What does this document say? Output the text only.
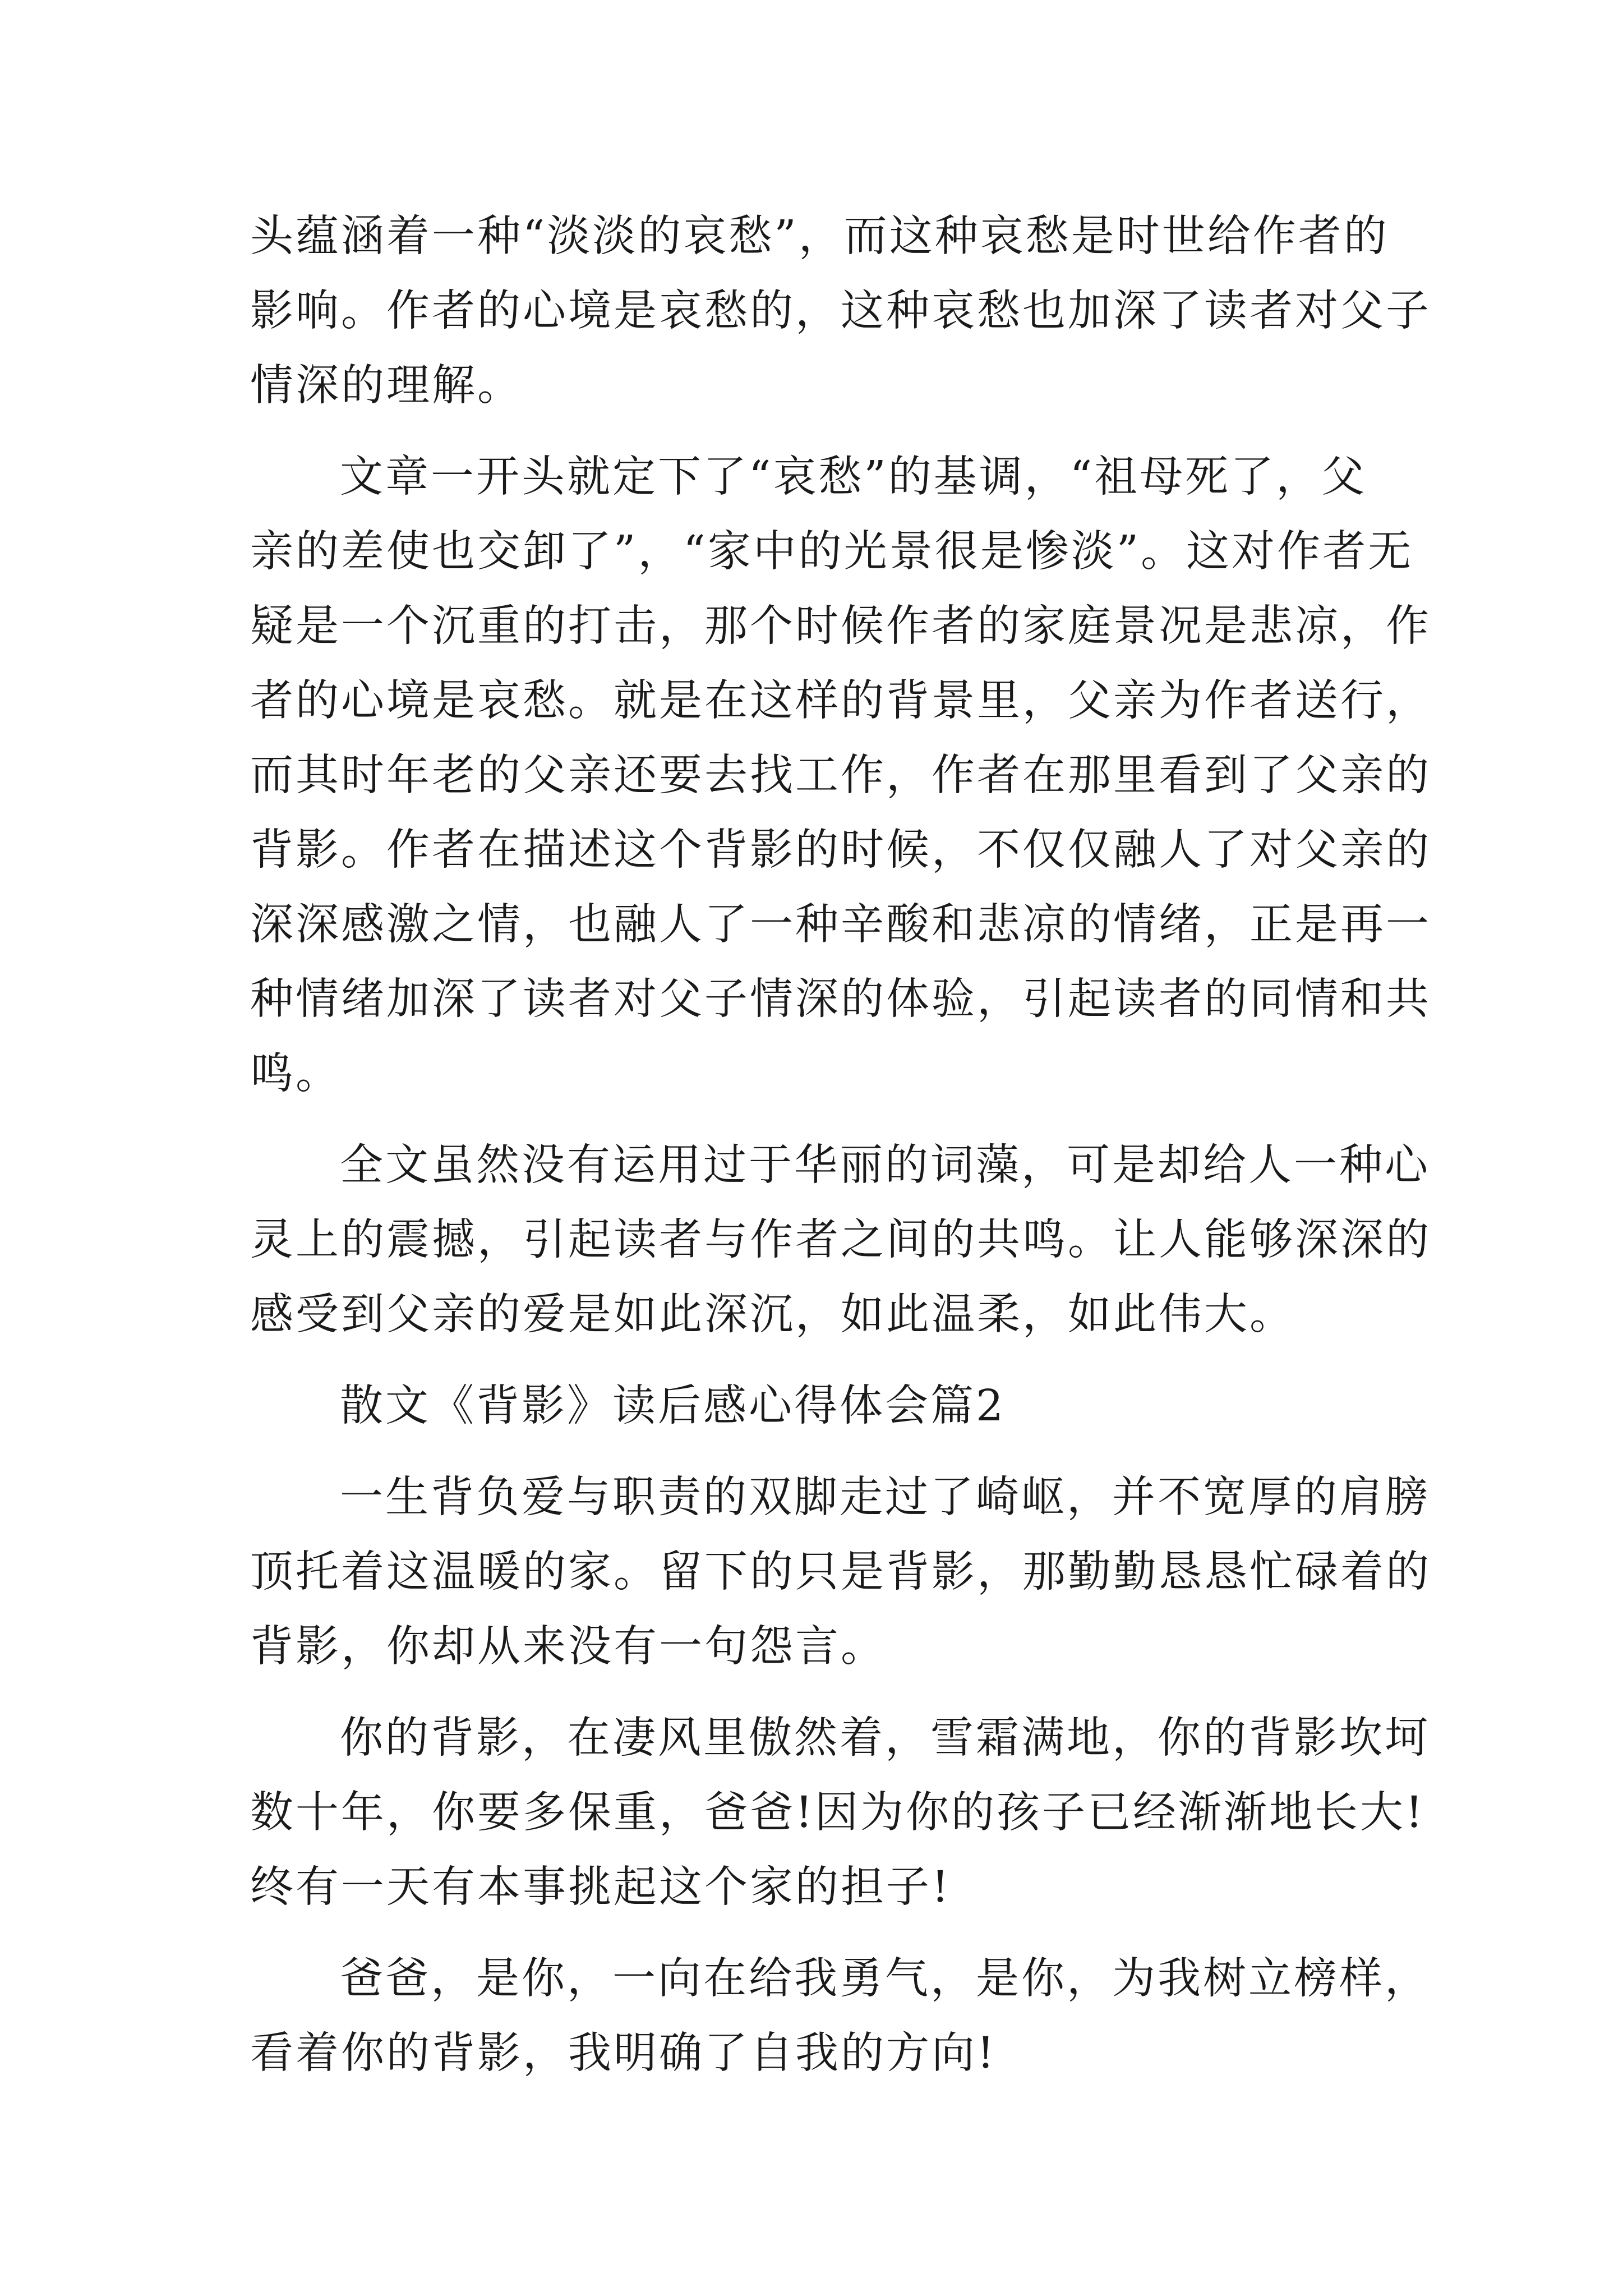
头蕴涵着一种“淡淡的哀愁”，而这种哀愁是时世给作者的
影响。作者的心境是哀愁的，这种哀愁也加深了读者对父子
情深的理解。
文章一开头就定下了“哀愁”的基调，“祖母死了，父
亲的差使也交卸了”，“家中的光景很是惨淡”。这对作者无
疑是一个沉重的打击，那个时候作者的家庭景况是悲凉，作
者的心境是哀愁。就是在这样的背景里，父亲为作者送行，
而其时年老的父亲还要去找工作，作者在那里看到了父亲的
背影。作者在描述这个背影的时候，不仅仅融人了对父亲的
深深感激之情，也融人了一种辛酸和悲凉的情绪，正是再一
种情绪加深了读者对父子情深的体验，引起读者的同情和共
鸣。
全文虽然没有运用过于华丽的词藻，可是却给人一种心
灵上的震撼，引起读者与作者之间的共鸣。让人能够深深的
感受到父亲的爱是如此深沉，如此温柔，如此伟大。
散文《背影》读后感心得体会篇2
一生背负爱与职责的双脚走过了崎岖，并不宽厚的肩膀
顶托着这温暖的家。留下的只是背影，那勤勤恳恳忙碌着的
背影，你却从来没有一句怨言。
你的背影，在凄风里傲然着，雪霜满地，你的背影坎坷
数十年，你要多保重，爸爸!因为你的孩子已经渐渐地长大!
终有一天有本事挑起这个家的担子!
爸爸，是你，一向在给我勇气，是你，为我树立榜样，
看着你的背影，我明确了自我的方向!
